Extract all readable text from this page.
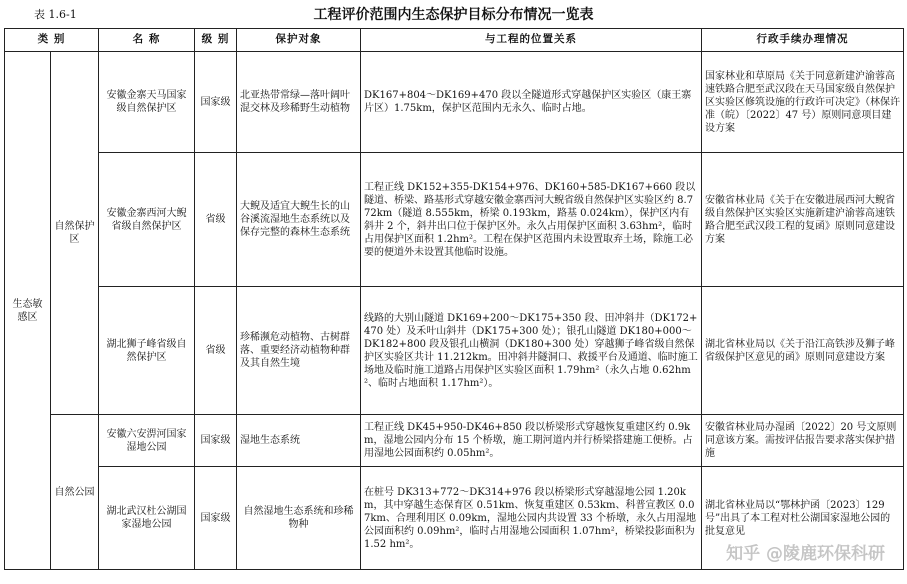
表 1.6-1	工程评价范围内生态保护目标分布情况一览表
类 别		名 称	级 别	保护对象	与工程的位置关系	行政手续办理情况
生态敏感区	自然保护区	安徽金寨天马国家级自然保护区	国家级	北亚热带常绿—落叶阔叶混交林及珍稀野生动植物	DK167+804～DK169+470 段以全隧道形式穿越保护区实验区（康王寨片区）1.75km，保护区范围内无永久、临时占地。	国家林业和草原局《关于同意新建沪渝蓉高速铁路合肥至武汉段在天马国家级自然保护区实验区修筑设施的行政许可决定》（林保许准（皖）〔2022〕47 号）原则同意项目建设方案
		安徽金寨西河大鲵省级自然保护区	省级	大鲵及适宜大鲵生长的山谷溪流湿地生态系统以及保存完整的森林生态系统	工程正线 DK152+355-DK154+976、DK160+585-DK167+660 段以隧道、桥梁、路基形式穿越安徽金寨西河大鲵省级自然保护区实验区约 8.772km（隧道 8.555km，桥梁 0.193km，路基 0.024km），保护区内有斜井 2 个，斜井出口位于保护区外。永久占用保护区面积 3.63hm²，临时占用保护区面积 1.2hm²。工程在保护区范围内未设置取弃土场，除施工必要的便道外未设置其他临时设施。	安徽省林业局《关于在安徽进展西河大鲵省级自然保护区实验区实施新建沪渝蓉高速铁路合肥至武汉段工程的复函》原则同意建设方案
		湖北狮子峰省级自然保护区	省级	珍稀濒危动植物、古树群落、重要经济动植物种群及其自然生境	线路的大别山隧道 DK169+200～DK175+350 段、田冲斜井（DK172+470 处）及禾叶山斜井（DK175+300 处）；银孔山隧道 DK180+000～DK182+800 段及银孔山横洞（DK180+300 处）穿越狮子峰省级自然保护区实验区共计 11.212km。田冲斜井隧洞口、救援平台及通道、临时施工场地及临时施工道路占用保护区实验区面积 1.79hm²（永久占地 0.62hm²、临时占地面积 1.17hm²）。	湖北省林业局以《关于沿江高铁涉及狮子峰省级保护区意见的函》原则同意建设方案
	自然公园	安徽六安淠河国家湿地公园	国家级	湿地生态系统	工程正线 DK45+950-DK46+850 段以桥梁形式穿越恢复重建区约 0.9km，湿地公园内分布 15 个桥墩，施工期河道内并行桥梁搭建施工便桥。占用湿地公园面积约 0.05hm²。	安徽省林业局办湿函〔2022〕20 号文原则同意该方案。需按评估报告要求落实保护措施
		湖北武汉杜公湖国家湿地公园	国家级	自然湿地生态系统和珍稀物种	在桩号 DK313+772～DK314+976 段以桥梁形式穿越湿地公园 1.20km，其中穿越生态保育区 0.51km、恢复重建区 0.53km、科普宣教区 0.07km、合理利用区 0.09km，湿地公园内共设置 33 个桥墩，永久占用湿地公园面积约 0.09hm²，临时占用湿地公园面积 1.07hm²，桥梁投影面积为 1.52 hm²。	湖北省林业局以“鄂林护函〔2023〕129 号”出具了本工程对杜公湖国家湿地公园的批复意见
知乎 @陵鹿环保科研
